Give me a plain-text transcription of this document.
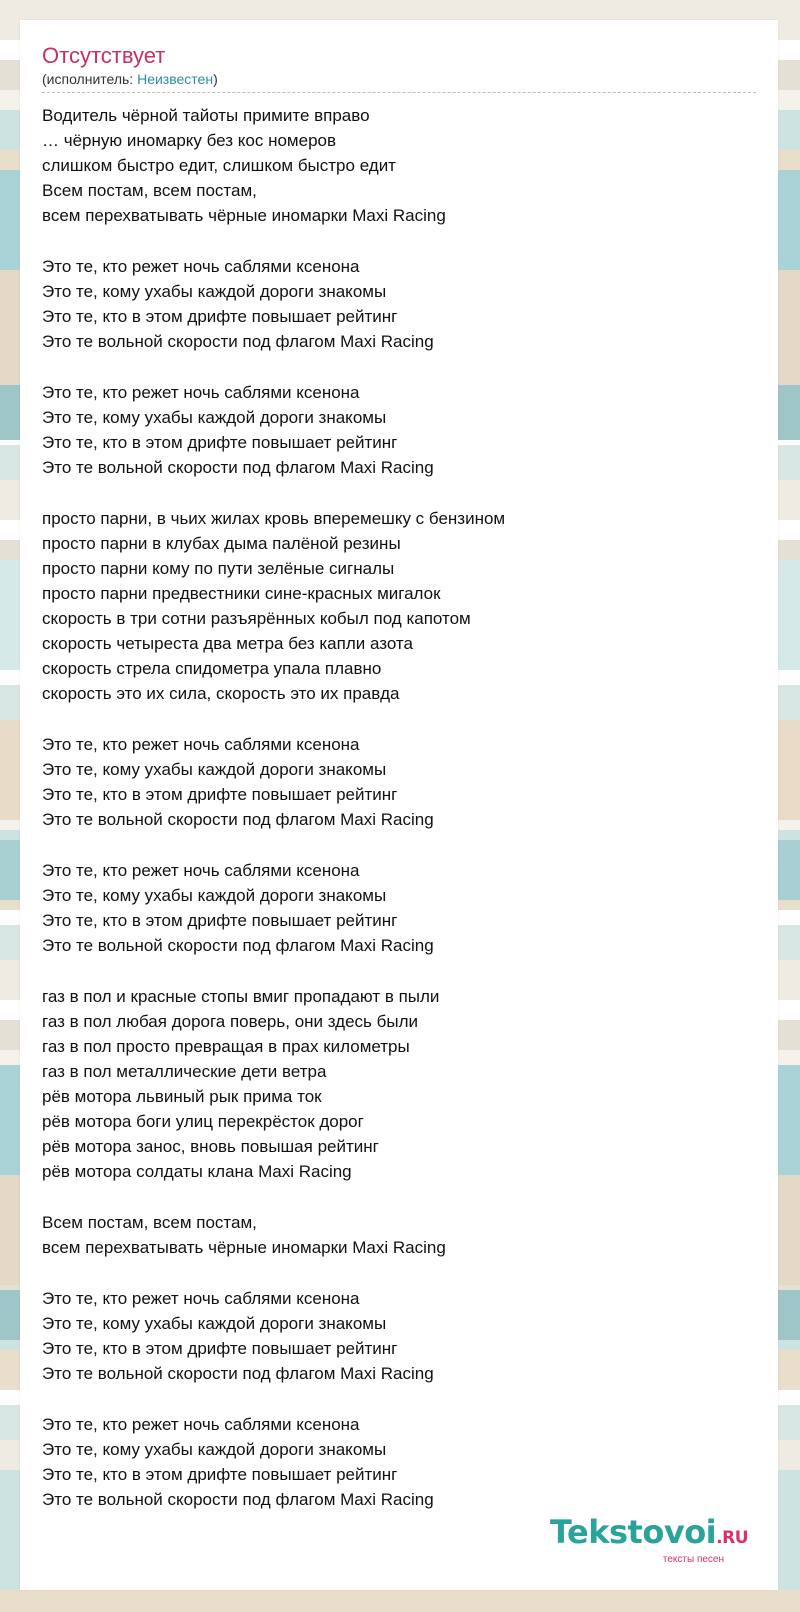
Отсутствует
(исполнитель: Неизвестен)
Водитель чёрной тайоты примите вправо
… чёрную иномарку без кос номеров
слишком быстро едит, слишком быстро едит
Всем постам, всем постам,
всем перехватывать чёрные иномарки Maxi Racing
Это те, кто режет ночь саблями ксенона
Это те, кому ухабы каждой дороги знакомы
Это те, кто в этом дрифте повышает рейтинг
Это те вольной скорости под флагом Maxi Racing
Это те, кто режет ночь саблями ксенона
Это те, кому ухабы каждой дороги знакомы
Это те, кто в этом дрифте повышает рейтинг
Это те вольной скорости под флагом Maxi Racing
просто парни, в чьих жилах кровь вперемешку с бензином
просто парни в клубах дыма палёной резины
просто парни кому по пути зелёные сигналы
просто парни предвестники сине-красных мигалок
скорость в три сотни разъярённых кобыл под капотом
скорость четыреста два метра без капли азота
скорость стрела спидометра упала плавно
скорость это их сила, скорость это их правда
Это те, кто режет ночь саблями ксенона
Это те, кому ухабы каждой дороги знакомы
Это те, кто в этом дрифте повышает рейтинг
Это те вольной скорости под флагом Maxi Racing
Это те, кто режет ночь саблями ксенона
Это те, кому ухабы каждой дороги знакомы
Это те, кто в этом дрифте повышает рейтинг
Это те вольной скорости под флагом Maxi Racing
газ в пол и красные стопы вмиг пропадают в пыли
газ в пол любая дорога поверь, они здесь были
газ в пол просто превращая в прах километры
газ в пол металлические дети ветра
рёв мотора львиный рык прима ток
рёв мотора боги улиц перекрёсток дорог
рёв мотора занос, вновь повышая рейтинг
рёв мотора солдаты клана Maxi Racing
Всем постам, всем постам,
всем перехватывать чёрные иномарки Maxi Racing
Это те, кто режет ночь саблями ксенона
Это те, кому ухабы каждой дороги знакомы
Это те, кто в этом дрифте повышает рейтинг
Это те вольной скорости под флагом Maxi Racing
Это те, кто режет ночь саблями ксенона
Это те, кому ухабы каждой дороги знакомы
Это те, кто в этом дрифте повышает рейтинг
Это те вольной скорости под флагом Maxi Racing
Tekstovoi.RU
тексты песен
